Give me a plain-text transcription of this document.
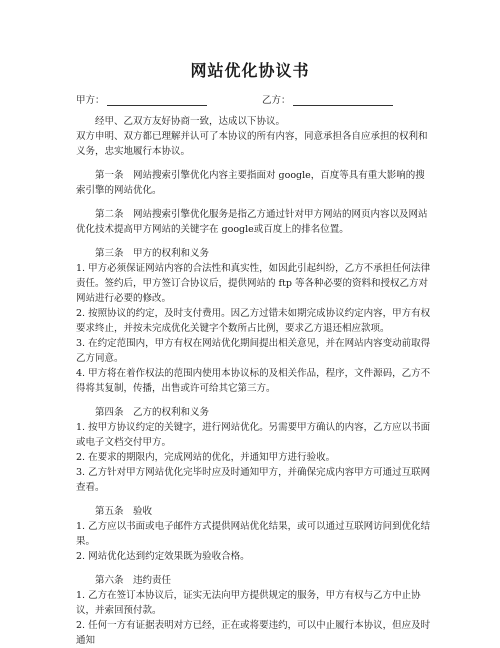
网站优化协议书
甲方：	乙方：

经甲、乙双方友好协商一致，达成以下协议。

双方申明、双方都已理解并认可了本协议的所有内容，同意承担各自应承担的权利和义务，忠实地履行本协议。

第一条　网站搜索引擎优化内容主要指面对 google，百度等具有重大影响的搜索引擎的网站优化。

第二条　网站搜索引擎优化服务是指乙方通过针对甲方网站的网页内容以及网站优化技术提高甲方网站的关键字在 google或百度上的排名位置。

第三条　甲方的权利和义务

1. 甲方必须保证网站内容的合法性和真实性，如因此引起纠纷，乙方不承担任何法律责任。签约后，甲方签订合协议后，提供网站的 ftp 等各种必要的资料和授权乙方对网站进行必要的修改。

2. 按照协议的约定，及时支付费用。因乙方过错未如期完成协议约定内容，甲方有权要求终止，并按未完成优化关键字个数所占比例，要求乙方退还相应款项。

3. 在约定范围内，甲方有权在网站优化期间提出相关意见，并在网站内容变动前取得乙方同意。

4. 甲方将在着作权法的范围内使用本协议标的及相关作品，程序，文件源码，乙方不得将其复制，传播，出售或许可给其它第三方。

第四条　乙方的权利和义务

1. 按甲方协议约定的关键字，进行网站优化。另需要甲方确认的内容，乙方应以书面或电子文档交付甲方。

2. 在要求的期限内，完成网站的优化，并通知甲方进行验收。

3. 乙方针对甲方网站优化完毕时应及时通知甲方，并确保完成内容甲方可通过互联网查看。

第五条　验收

1. 乙方应以书面或电子邮件方式提供网站优化结果，或可以通过互联网访问到优化结果。

2. 网站优化达到约定效果既为验收合格。

第六条　违约责任

1. 乙方在签订本协议后，证实无法向甲方提供规定的服务，甲方有权与乙方中止协议，并索回预付款。

2. 任何一方有证据表明对方已经，正在或将要违约，可以中止履行本协议，但应及时通知
